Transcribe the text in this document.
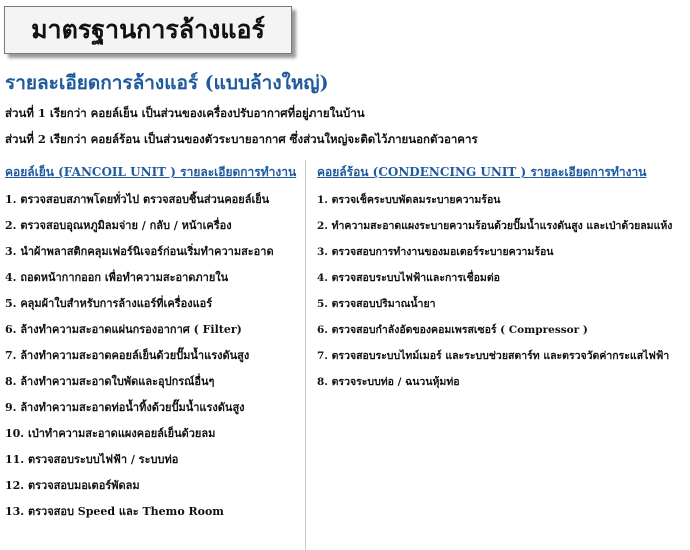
มาตรฐานการล้างแอร์
รายละเอียดการล้างแอร์ (แบบล้างใหญ่)
ส่วนที่ 1 เรียกว่า คอยล์เย็น เป็นส่วนของเครื่องปรับอากาศที่อยู่ภายในบ้าน
ส่วนที่ 2 เรียกว่า คอยล์ร้อน เป็นส่วนของตัวระบายอากาศ ซึ่งส่วนใหญ่จะติดไว้ภายนอกตัวอาคาร
คอยล์เย็น (FANCOIL UNIT ) รายละเอียดการทำงาน คอยล์ร้อน (CONDENCING UNIT ) รายละเอียดการทำงาน
1. ตรวจสอบสภาพโดยทั่วไป ตรวจสอบชิ้นส่วนคอยล์เย็น
2. ตรวจสอบอุณหภูมิลมจ่าย / กลับ / หน้าเครื่อง
3. นำผ้าพลาสติกคลุมเฟอร์นิเจอร์ก่อนเริ่มทำความสะอาด
4. ถอดหน้ากากออก เพื่อทำความสะอาดภายใน
5. คลุมผ้าใบสำหรับการล้างแอร์ที่เครื่องแอร์
6. ล้างทำความสะอาดแผ่นกรองอากาศ ( Filter)
7. ล้างทำความสะอาดคอยล์เย็นด้วยปั๊มน้ำแรงดันสูง
8. ล้างทำความสะอาดใบพัดและอุปกรณ์อื่นๆ
9. ล้างทำความสะอาดท่อน้ำทิ้งด้วยปั๊มน้ำแรงดันสูง
10. เป่าทำความสะอาดแผงคอยล์เย็นด้วยลม
11. ตรวจสอบระบบไฟฟ้า / ระบบท่อ
12. ตรวจสอบมอเตอร์พัดลม
13. ตรวจสอบ Speed และ Themo Room
1. ตรวจเช็คระบบพัดลมระบายความร้อน
2. ทำความสะอาดแผงระบายความร้อนด้วยปั๊มน้ำแรงดันสูง และเป่าด้วยลมแห้ง
3. ตรวจสอบการทำงานของมอเตอร์ระบายความร้อน
4. ตรวจสอบระบบไฟฟ้าและการเชื่อมต่อ
5. ตรวจสอบปริมาณน้ำยา
6. ตรวจสอบกำลังอัดของคอมเพรสเซอร์ ( Compressor )
7. ตรวจสอบระบบไทม์เมอร์ และระบบช่วยสตาร์ท และตรวจวัดค่ากระแสไฟฟ้า
8. ตรวจระบบท่อ / ฉนวนหุ้มท่อ
